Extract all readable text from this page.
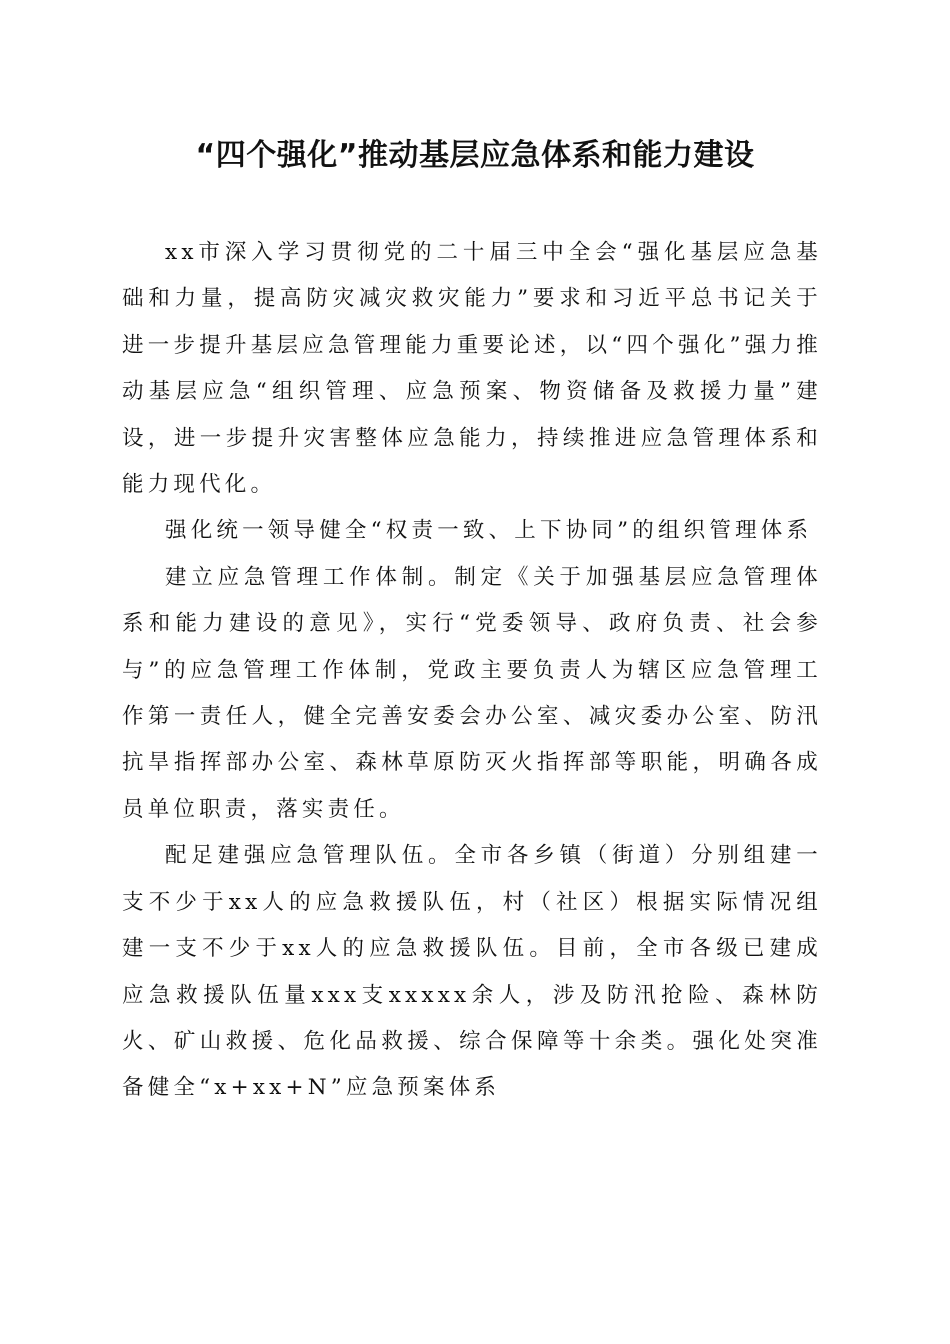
“四个强化”推动基层应急体系和能力建设

xx市深入学习贯彻党的二十届三中全会“强化基层应急基础和力量，提高防灾减灾救灾能力”要求和习近平总书记关于进一步提升基层应急管理能力重要论述，以“四个强化”强力推动基层应急“组织管理、应急预案、物资储备及救援力量”建设，进一步提升灾害整体应急能力，持续推进应急管理体系和能力现代化。

强化统一领导健全“权责一致、上下协同”的组织管理体系

建立应急管理工作体制。制定《关于加强基层应急管理体系和能力建设的意见》，实行“党委领导、政府负责、社会参与”的应急管理工作体制，党政主要负责人为辖区应急管理工作第一责任人，健全完善安委会办公室、减灾委办公室、防汛抗旱指挥部办公室、森林草原防灭火指挥部等职能，明确各成员单位职责，落实责任。

配足建强应急管理队伍。全市各乡镇（街道）分别组建一支不少于xx人的应急救援队伍，村（社区）根据实际情况组建一支不少于xx人的应急救援队伍。目前，全市各级已建成应急救援队伍量xxx支xxxxx余人，涉及防汛抢险、森林防火、矿山救援、危化品救援、综合保障等十余类。强化处突准备健全“x+xx+N”应急预案体系
